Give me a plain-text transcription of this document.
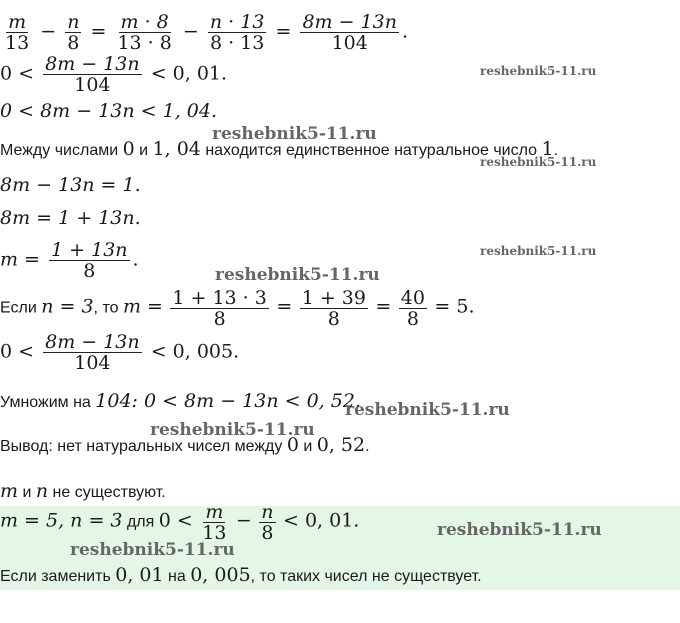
$\frac{m}{13} - \frac{n}{8} = \frac{m \cdot 8}{13 \cdot 8} - \frac{n \cdot 13}{8 \cdot 13} = \frac{8m - 13n}{104}$ .
$0 < \frac{8m - 13n}{104} < 0$, 01.
0 < 8m − 13n < 1, 04.
Между числами 0 и 1, 04 находится единственное натуральное число 1.
8m − 13n = 1.
8m = 1 + 13n.
$m = \frac{1 + 13n}{8}$ .
Если n = 3, то $m = \frac{1 + 13 \cdot 3}{8} = \frac{1 + 39}{8} = \frac{40}{8} = 5$.
$0 < \frac{8m - 13n}{104} < 0$, 005.
Умножим на 104: 0 < 8m − 13n < 0, 52.
Вывод: нет натуральных чисел между 0 и 0, 52.
m и n не существуют.
m = 5, n = 3 для $0 < \frac{m}{13} - \frac{n}{8} < 0$, 01.
Если заменить 0, 01 на 0, 005, то таких чисел не существует.
reshebnik5-11.ru
reshebnik5-11.ru
reshebnik5-11.ru
reshebnik5-11.ru
reshebnik5-11.ru
reshebnik5-11.ru
reshebnik5-11.ru
reshebnik5-11.ru
reshebnik5-11.ru
